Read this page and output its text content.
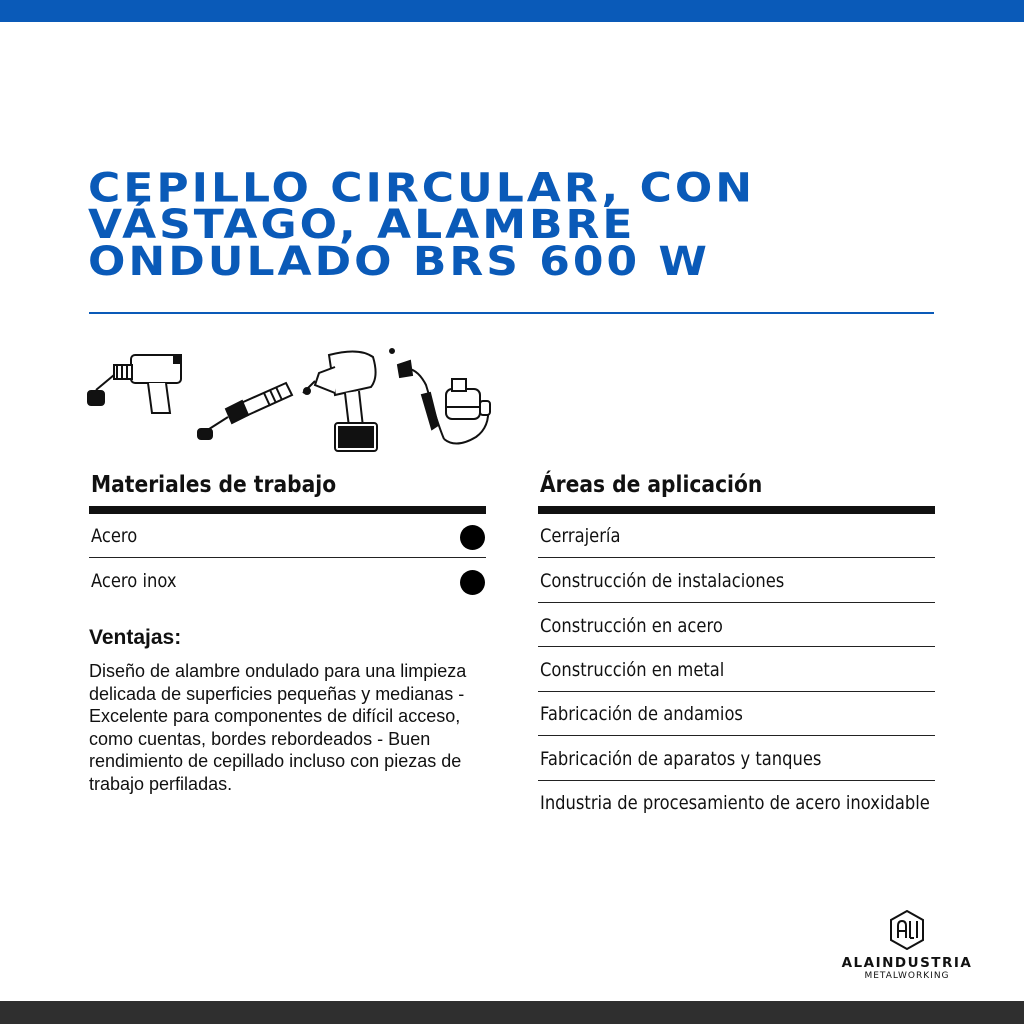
CEPILLO CIRCULAR, CON
VÁSTAGO, ALAMBRE
ONDULADO BRS 600 W
Materiales de trabajo
Acero
Acero inox
Ventajas:

Diseño de alambre ondulado para una limpieza delicada de superficies pequeñas y medianas - Excelente para componentes de difícil acceso, como cuentas, bordes rebordeados - Buen rendimiento de cepillado incluso con piezas de trabajo perfiladas.

Áreas de aplicación
Cerrajería
Construcción de instalaciones
Construcción en acero
Construcción en metal
Fabricación de andamios
Fabricación de aparatos y tanques
Industria de procesamiento de acero inoxidable
ALAINDUSTRIA
METALWORKING
